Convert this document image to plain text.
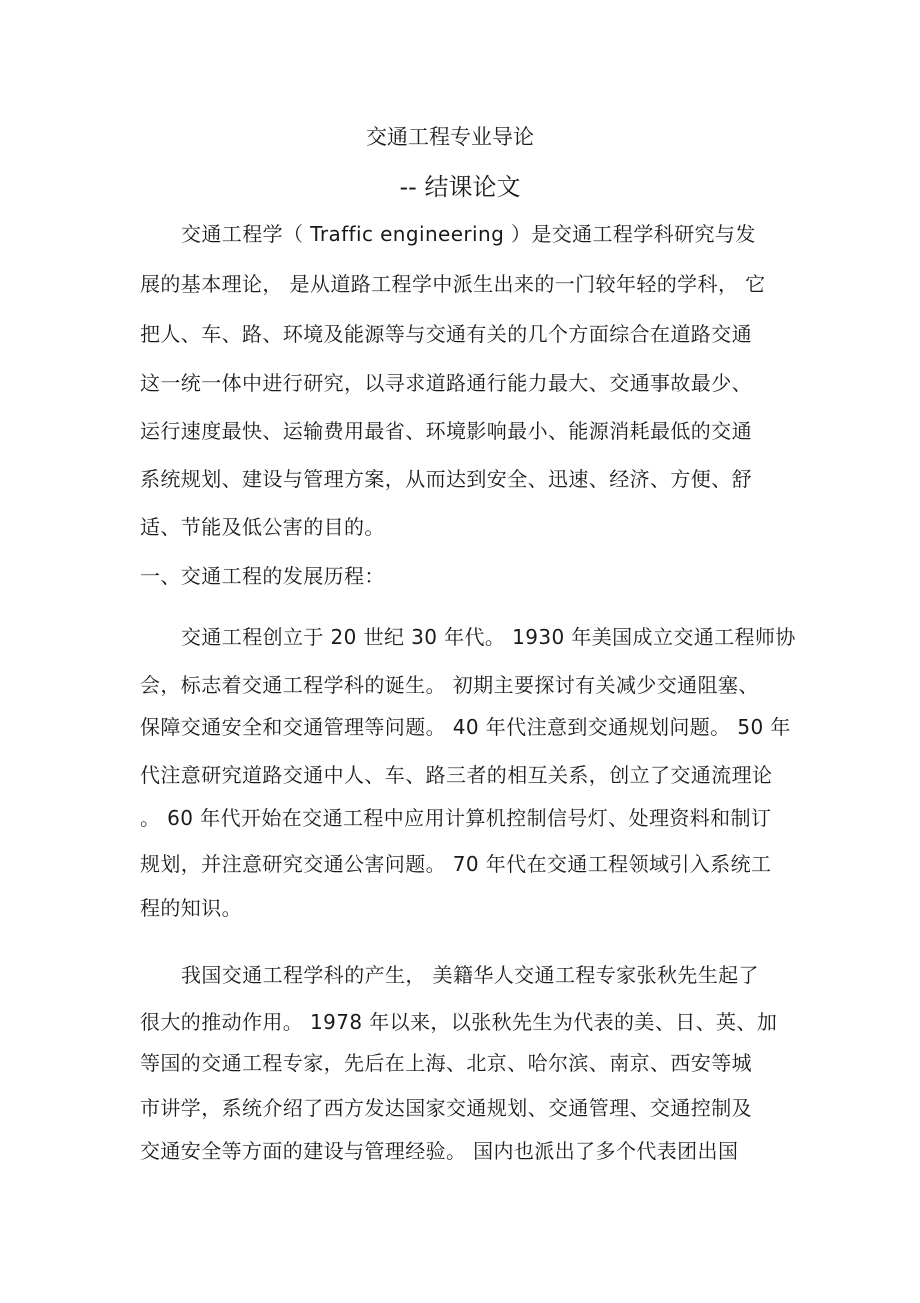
交通工程专业导论
-- 结课论文
交通工程学（ Traffic engineering ）是交通工程学科研究与发
展的基本理论， 是从道路工程学中派生出来的一门较年轻的学科， 它
把人、车、路、环境及能源等与交通有关的几个方面综合在道路交通
这一统一体中进行研究，以寻求道路通行能力最大、交通事故最少、
运行速度最快、运输费用最省、环境影响最小、能源消耗最低的交通
系统规划、建设与管理方案，从而达到安全、迅速、经济、方便、舒
适、节能及低公害的目的。
一、交通工程的发展历程：
交通工程创立于 20 世纪 30 年代。 1930 年美国成立交通工程师协
会，标志着交通工程学科的诞生。 初期主要探讨有关减少交通阻塞、
保障交通安全和交通管理等问题。 40 年代注意到交通规划问题。 50 年
代注意研究道路交通中人、车、路三者的相互关系，创立了交通流理论
。 60 年代开始在交通工程中应用计算机控制信号灯、处理资料和制订
规划，并注意研究交通公害问题。 70 年代在交通工程领域引入系统工
程的知识。
我国交通工程学科的产生， 美籍华人交通工程专家张秋先生起了
很大的推动作用。 1978 年以来，以张秋先生为代表的美、日、英、加
等国的交通工程专家，先后在上海、北京、哈尔滨、南京、西安等城
市讲学，系统介绍了西方发达国家交通规划、交通管理、交通控制及
交通安全等方面的建设与管理经验。 国内也派出了多个代表团出国
